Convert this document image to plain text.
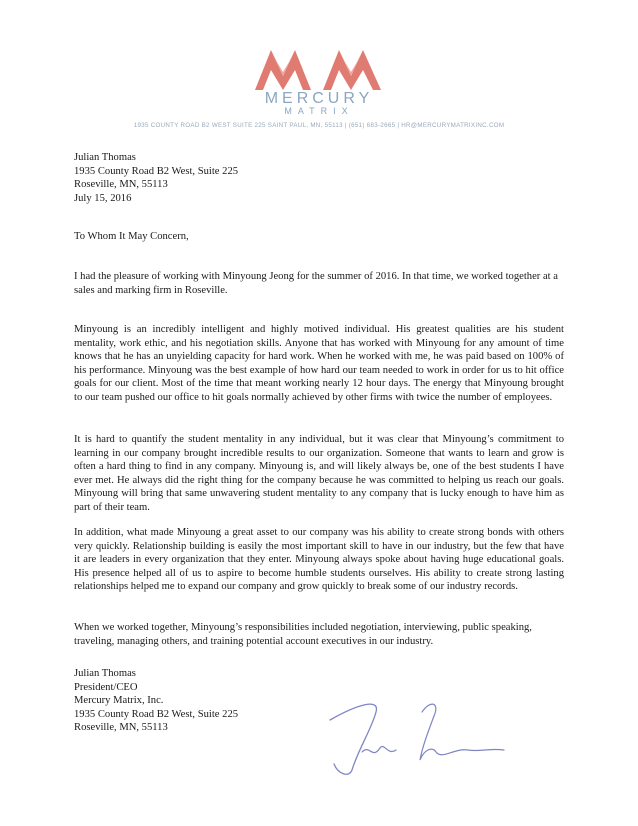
MERCURY
MATRIX
1935 COUNTY ROAD B2 WEST SUITE 225 SAINT PAUL, MN, 55113 | (651) 683-2665 | HR@MERCURYMATRIXINC.COM

Julian Thomas

1935 County Road B2 West, Suite 225

Roseville, MN, 55113

July 15, 2016

To Whom It May Concern,
I had the pleasure of working with Minyoung Jeong for the summer of 2016. In that time, we worked together at a sales and marking firm in Roseville.
Minyoung is an incredibly intelligent and highly motived individual. His greatest qualities are his student mentality, work ethic, and his negotiation skills. Anyone that has worked with Minyoung for any amount of time knows that he has an unyielding capacity for hard work. When he worked with me, he was paid based on 100% of his performance. Minyoung was the best example of how hard our team needed to work in order for us to hit office goals for our client. Most of the time that meant working nearly 12 hour days. The energy that Minyoung brought to our team pushed our office to hit goals normally achieved by other firms with twice the number of employees.
It is hard to quantify the student mentality in any individual, but it was clear that Minyoung’s commitment to learning in our company brought incredible results to our organization. Someone that wants to learn and grow is often a hard thing to find in any company. Minyoung is, and will likely always be, one of the best students I have ever met. He always did the right thing for the company because he was committed to helping us reach our goals. Minyoung will bring that same unwavering student mentality to any company that is lucky enough to have him as part of their team.
In addition, what made Minyoung a great asset to our company was his ability to create strong bonds with others very quickly. Relationship building is easily the most important skill to have in our industry, but the few that have it are leaders in every organization that they enter. Minyoung always spoke about having huge educational goals. His presence helped all of us to aspire to become humble students ourselves. His ability to create strong lasting relationships helped me to expand our company and grow quickly to break some of our industry records.
When we worked together, Minyoung’s responsibilities included negotiation, interviewing, public speaking, traveling, managing others, and training potential account executives in our industry.

Julian Thomas

President/CEO

Mercury Matrix, Inc.

1935 County Road B2 West, Suite 225

Roseville, MN, 55113
